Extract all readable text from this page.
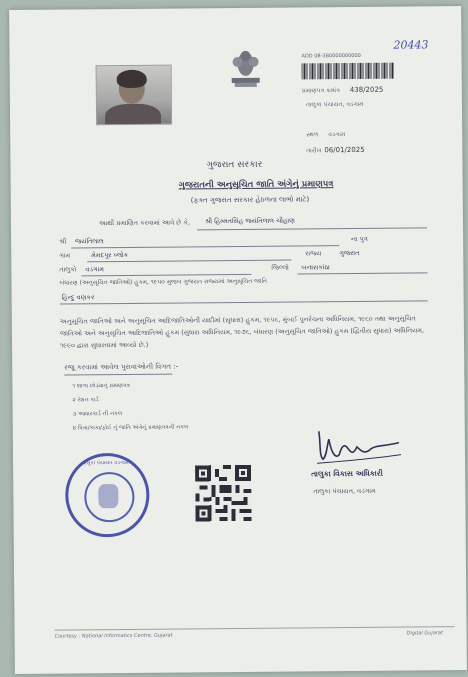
ADD 08-3B0000000000
20443
પ્રમાણપત્ર ક્રમાંક 438/2025
તાલુકા પંચાયત, વડગામ
સ્થળ વડગામ
તારીખ 06/01/2025
ગુજરાત સરકાર
ગુજરાતની અનુસૂચિત જાતિ અંગેનું પ્રમાણપત્ર
(ફક્ત ગુજરાત સરકાર હેઠળના લાભો માટે)
આથી પ્રમાણિત કરવામાં આવે છે કે, શ્રી હિમ્મતસિંહ જયંતિલાલ ચૌહાણ
શ્રી જયંતિલાલ	ના પુત્ર
ગામ	મેમદપુર બ્લોક	રાજ્ય	ગુજરાત
તાલુકો વડગામ	જિલ્લો બનાસકાંઠા
બંધારણ (અનુસૂચિત જાતિઓ) હુકમ, ૧૯૫૦ મુજબ ગુજરાત રાજ્યમાં અનુસૂચિત જાતિ
હિન્દુ વણકર
અનુસૂચિત જાતિઓ અને અનુસૂચિત આદિજાતિઓની યાદીમાં (સુધારા) હુકમ, ૧૯૫૬, મુંબઈ પુનર્રચના અધિનિયમ, ૧૯૬૦ તથા અનુસૂચિત જાતિઓ અને અનુસૂચિત આદિજાતિઓ હુકમ (સુધારા અધિનિયમ, ૧૯૭૬, બંધારણ (અનુસૂચિત જાતિઓ) હુકમ (દ્વિતીય સુધારા) અધિનિયમ, ૧૯૯૦ દ્વારા સુધારવામાં આવ્યો છે.)
રજૂ કરવામાં આવેલ પુરાવાઓની વિગત :-
૧ શાળા છોડ્યાનું પ્રમાણપત્ર
૨ રેશન કાર્ડ
૩ આધારકાર્ડ ની નકલ
૪ પિતા/કાકા/ફોઈ નું જાતિ અંગેનું પ્રમાણપત્રની નકલ
તાલુકા વિકાસ અધિકારી
તાલુકા પંચાયત, વડગામ
તાલુકા પંચાયત વડગામ
Courtesy : National Informatics Centre, Gujarat	Digital Gujarat
